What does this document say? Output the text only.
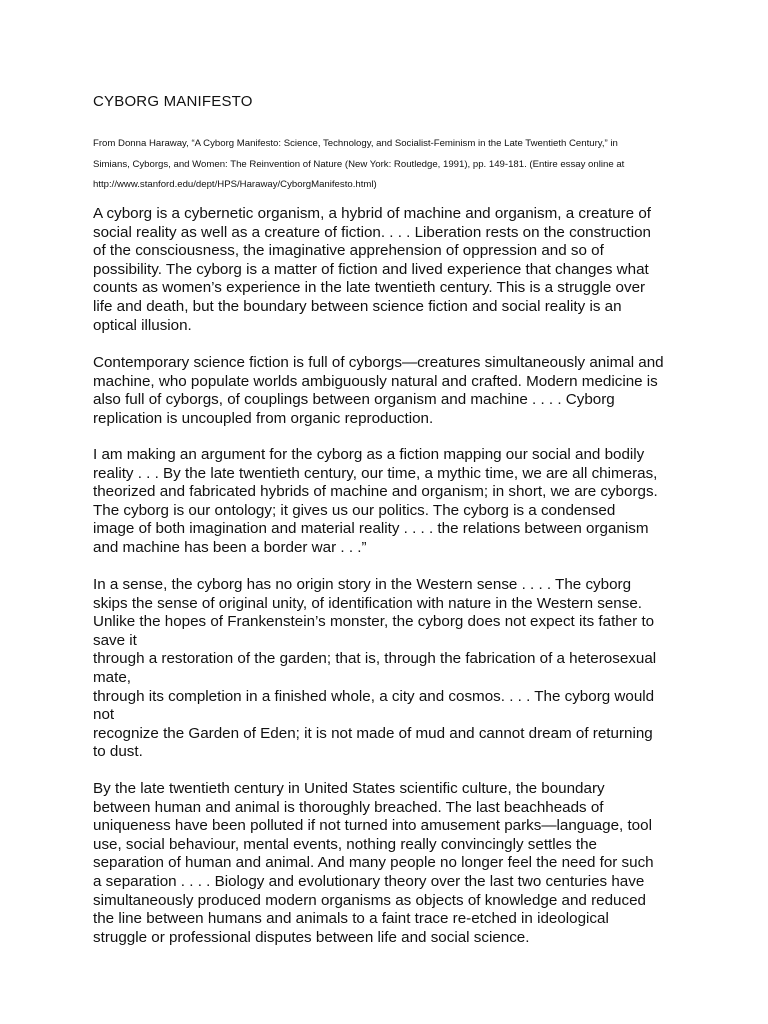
CYBORG MANIFESTO

From Donna Haraway, “A Cyborg Manifesto: Science, Technology, and Socialist-Feminism in the Late Twentieth Century,” in
Simians, Cyborgs, and Women: The Reinvention of Nature (New York: Routledge, 1991), pp. 149-181. (Entire essay online at
http://www.stanford.edu/dept/HPS/Haraway/CyborgManifesto.html)

A cyborg is a cybernetic organism, a hybrid of machine and organism, a creature of
social reality as well as a creature of fiction. . . . Liberation rests on the construction
of the consciousness, the imaginative apprehension of oppression and so of
possibility. The cyborg is a matter of fiction and lived experience that changes what
counts as women’s experience in the late twentieth century. This is a struggle over
life and death, but the boundary between science fiction and social reality is an
optical illusion.

Contemporary science fiction is full of cyborgs—creatures simultaneously animal and
machine, who populate worlds ambiguously natural and crafted. Modern medicine is
also full of cyborgs, of couplings between organism and machine . . . . Cyborg
replication is uncoupled from organic reproduction.

I am making an argument for the cyborg as a fiction mapping our social and bodily
reality . . . By the late twentieth century, our time, a mythic time, we are all chimeras,
theorized and fabricated hybrids of machine and organism; in short, we are cyborgs.
The cyborg is our ontology; it gives us our politics. The cyborg is a condensed
image of both imagination and material reality . . . . the relations between organism
and machine has been a border war . . .”

In a sense, the cyborg has no origin story in the Western sense . . . . The cyborg
skips the sense of original unity, of identification with nature in the Western sense.
Unlike the hopes of Frankenstein’s monster, the cyborg does not expect its father to
save it
through a restoration of the garden; that is, through the fabrication of a heterosexual
mate,
through its completion in a finished whole, a city and cosmos. . . . The cyborg would
not
recognize the Garden of Eden; it is not made of mud and cannot dream of returning
to dust.

By the late twentieth century in United States scientific culture, the boundary
between human and animal is thoroughly breached. The last beachheads of
uniqueness have been polluted if not turned into amusement parks—language, tool
use, social behaviour, mental events, nothing really convincingly settles the
separation of human and animal. And many people no longer feel the need for such
a separation . . . . Biology and evolutionary theory over the last two centuries have
simultaneously produced modern organisms as objects of knowledge and reduced
the line between humans and animals to a faint trace re-etched in ideological
struggle or professional disputes between life and social science.
